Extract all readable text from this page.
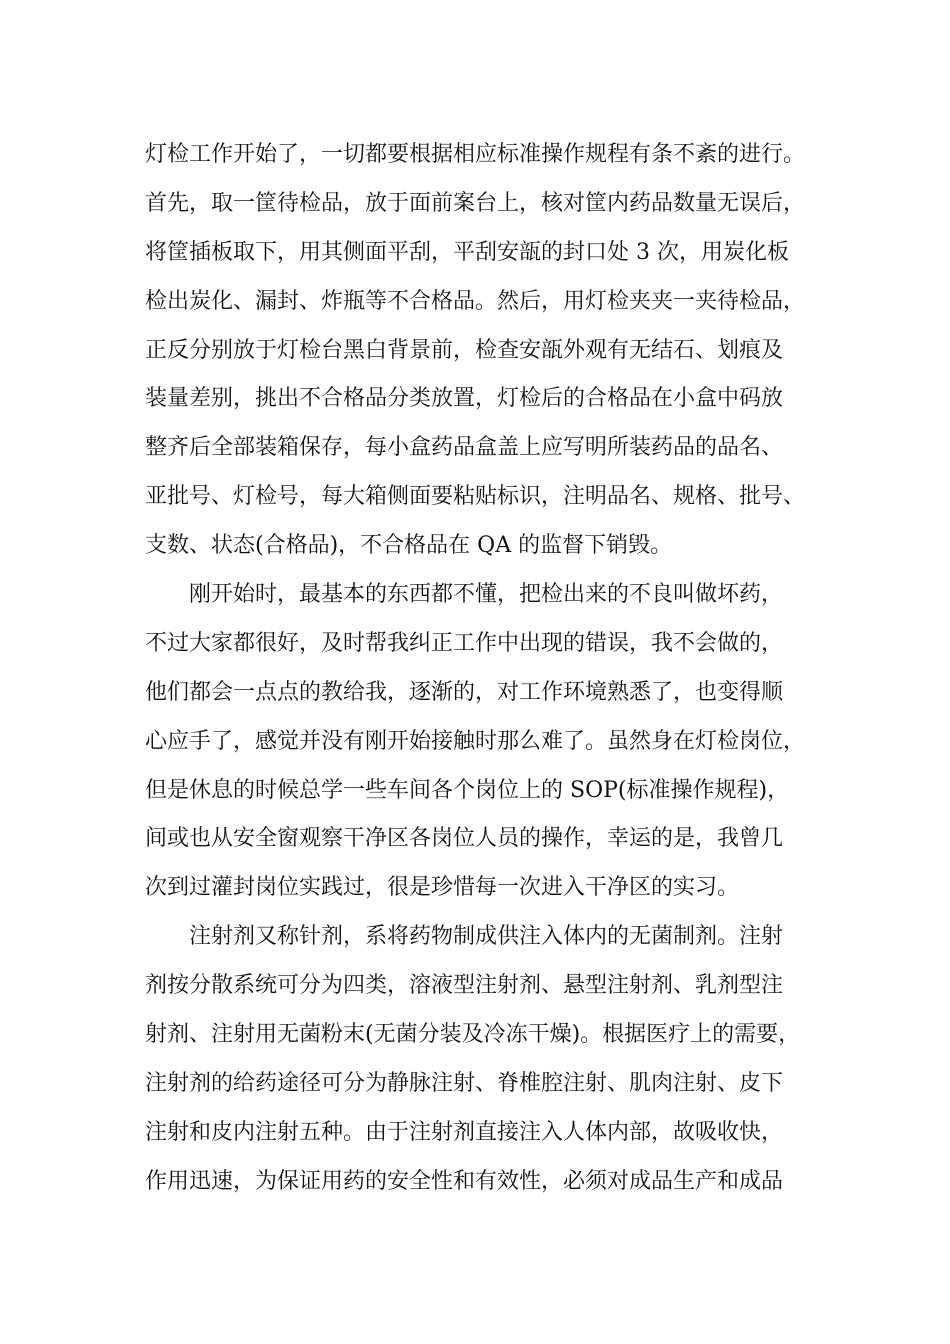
灯检工作开始了，一切都要根据相应标准操作规程有条不紊的进行。
首先，取一筐待检品，放于面前案台上，核对筐内药品数量无误后，
将筐插板取下，用其侧面平刮，平刮安瓿的封口处 3 次，用炭化板
检出炭化、漏封、炸瓶等不合格品。然后，用灯检夹夹一夹待检品，
正反分别放于灯检台黑白背景前，检查安瓿外观有无结石、划痕及
装量差别，挑出不合格品分类放置，灯检后的合格品在小盒中码放
整齐后全部装箱保存，每小盒药品盒盖上应写明所装药品的品名、
亚批号、灯检号，每大箱侧面要粘贴标识，注明品名、规格、批号、
支数、状态(合格品)，不合格品在 QA 的监督下销毁。
　　刚开始时，最基本的东西都不懂，把检出来的不良叫做坏药，
不过大家都很好，及时帮我纠正工作中出现的错误，我不会做的，
他们都会一点点的教给我，逐渐的，对工作环境熟悉了，也变得顺
心应手了，感觉并没有刚开始接触时那么难了。虽然身在灯检岗位，
但是休息的时候总学一些车间各个岗位上的 SOP(标准操作规程)，
间或也从安全窗观察干净区各岗位人员的操作，幸运的是，我曾几
次到过灌封岗位实践过，很是珍惜每一次进入干净区的实习。
　　注射剂又称针剂，系将药物制成供注入体内的无菌制剂。注射
剂按分散系统可分为四类，溶液型注射剂、悬型注射剂、乳剂型注
射剂、注射用无菌粉末(无菌分装及冷冻干燥)。根据医疗上的需要，
注射剂的给药途径可分为静脉注射、脊椎腔注射、肌肉注射、皮下
注射和皮内注射五种。由于注射剂直接注入人体内部，故吸收快，
作用迅速，为保证用药的安全性和有效性，必须对成品生产和成品
